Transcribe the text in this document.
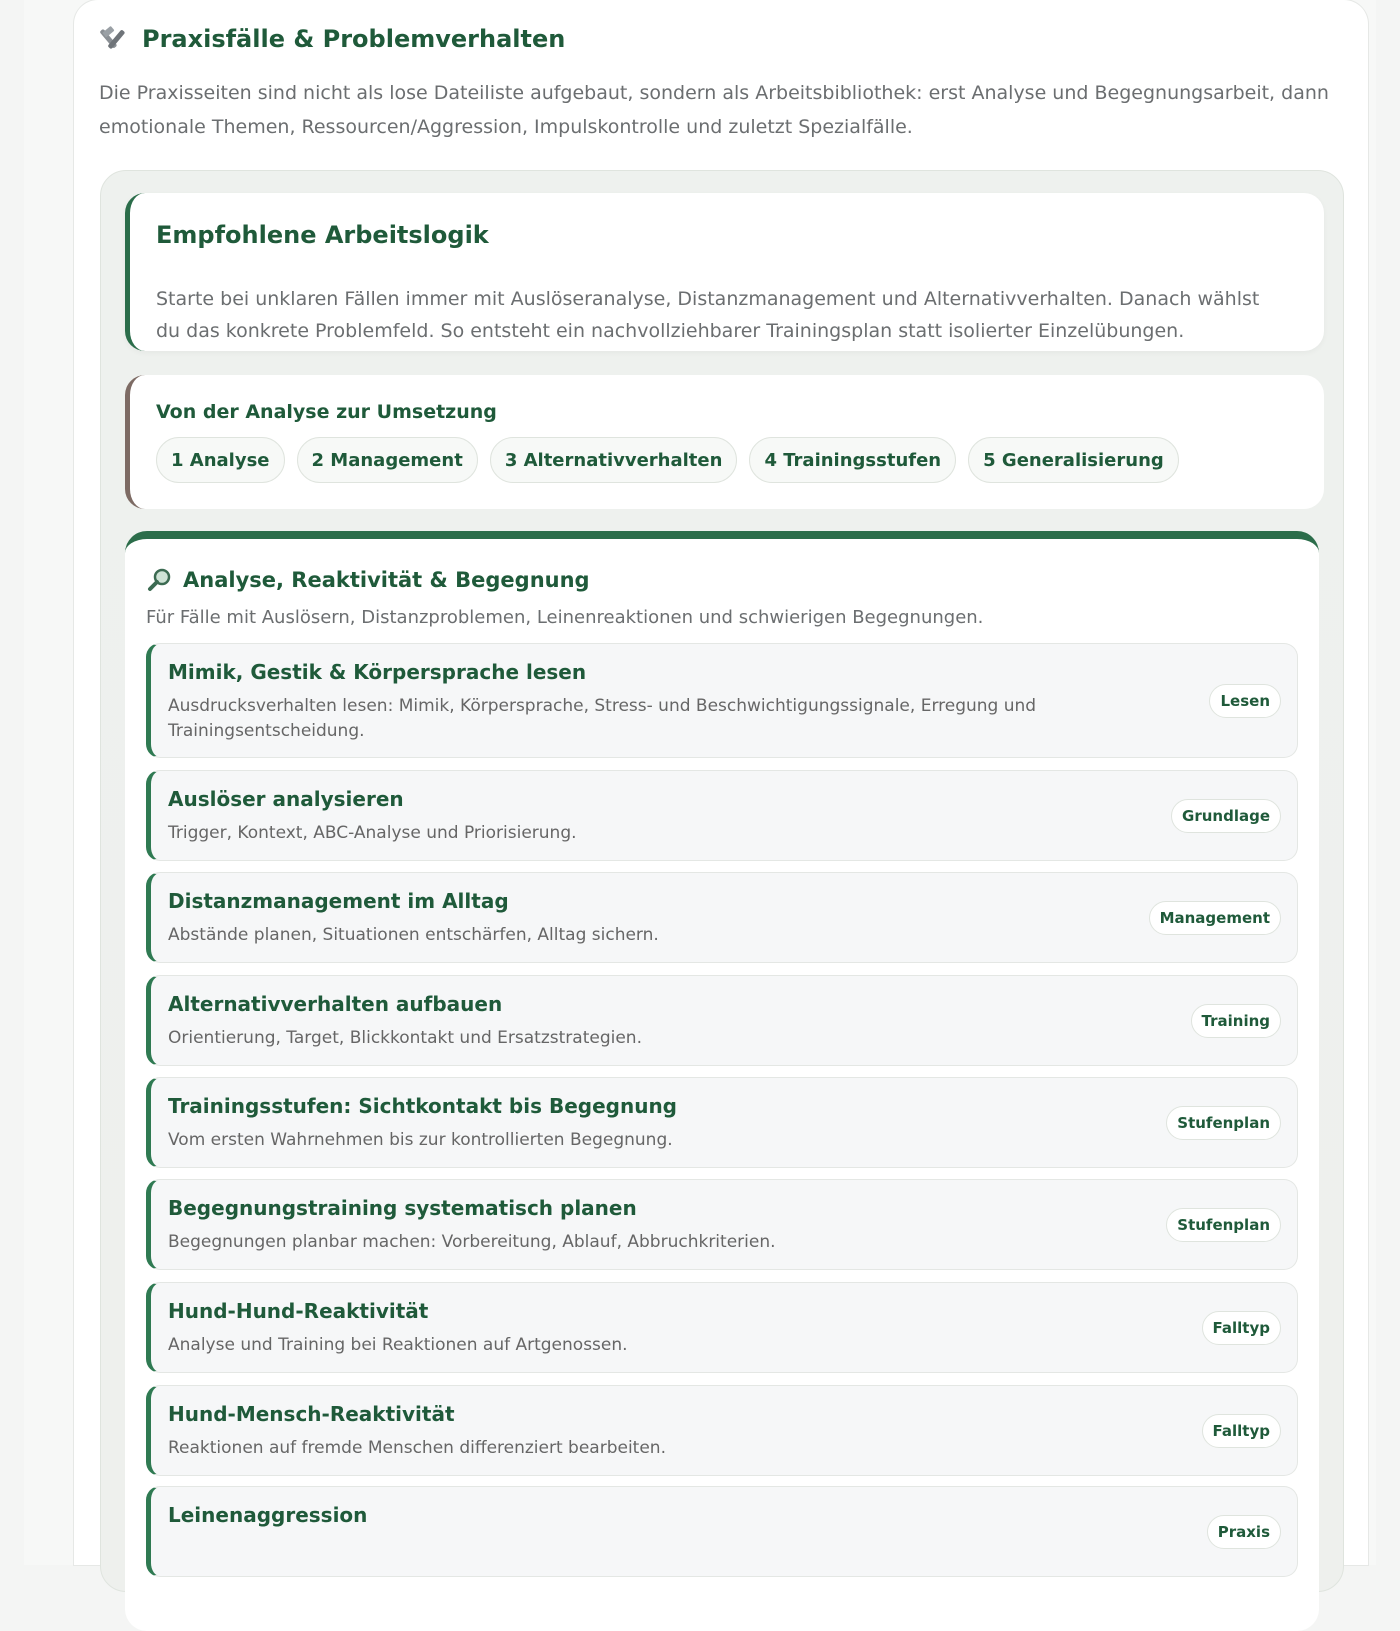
Praxisfälle & Problemverhalten
Die Praxisseiten sind nicht als lose Dateiliste aufgebaut, sondern als Arbeitsbibliothek: erst Analyse und Begegnungsarbeit, dann emotionale Themen, Ressourcen/Aggression, Impulskontrolle und zuletzt Spezialfälle.
Empfohlene Arbeitslogik
Starte bei unklaren Fällen immer mit Auslöseranalyse, Distanzmanagement und Alternativverhalten. Danach wählst du das konkrete Problemfeld. So entsteht ein nachvollziehbarer Trainingsplan statt isolierter Einzelübungen.
Von der Analyse zur Umsetzung
1 Analyse	2 Management	3 Alternativverhalten	4 Trainingsstufen	5 Generalisierung
Analyse, Reaktivität & Begegnung
Für Fälle mit Auslösern, Distanzproblemen, Leinenreaktionen und schwierigen Begegnungen.
Mimik, Gestik & Körpersprache lesen
Ausdrucksverhalten lesen: Mimik, Körpersprache, Stress- und Beschwichtigungssignale, Erregung und Trainingsentscheidung.
Lesen
Auslöser analysieren
Trigger, Kontext, ABC-Analyse und Priorisierung.
Grundlage
Distanzmanagement im Alltag
Abstände planen, Situationen entschärfen, Alltag sichern.
Management
Alternativverhalten aufbauen
Orientierung, Target, Blickkontakt und Ersatzstrategien.
Training
Trainingsstufen: Sichtkontakt bis Begegnung
Vom ersten Wahrnehmen bis zur kontrollierten Begegnung.
Stufenplan
Begegnungstraining systematisch planen
Begegnungen planbar machen: Vorbereitung, Ablauf, Abbruchkriterien.
Stufenplan
Hund-Hund-Reaktivität
Analyse und Training bei Reaktionen auf Artgenossen.
Falltyp
Hund-Mensch-Reaktivität
Reaktionen auf fremde Menschen differenziert bearbeiten.
Falltyp
Leinenaggression
Praxis
